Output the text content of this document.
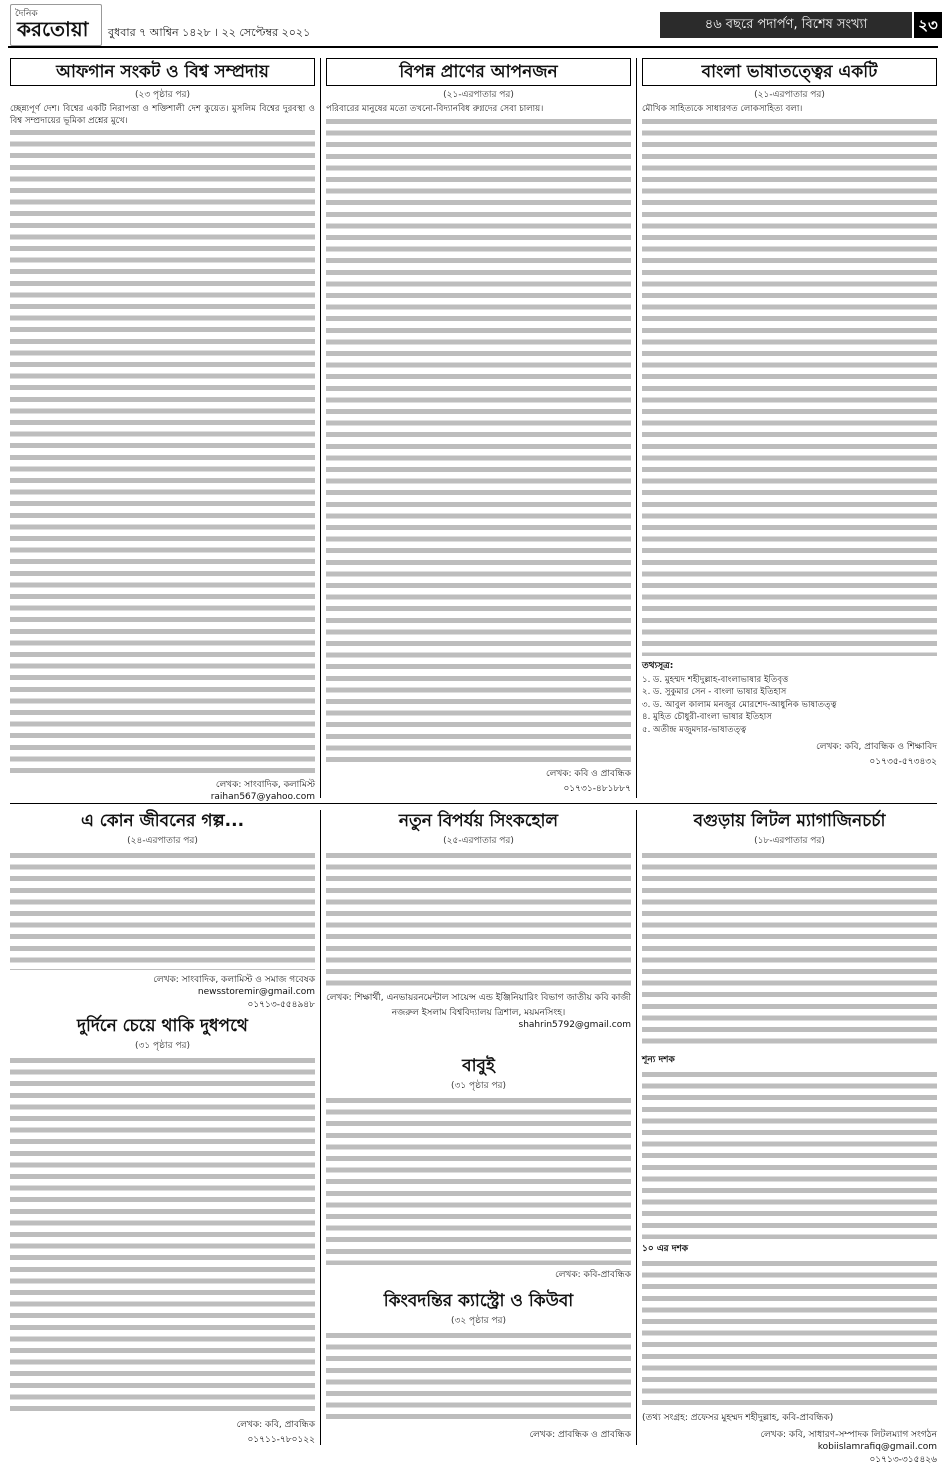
দৈনিক
করতোয়া বুধবার ৭ আশ্বিন ১৪২৮ । ২২ সেপ্টেম্বর ২০২১
৪৬ বছরে পদার্পণ, বিশেষ সংখ্যা	২৩
আফগান সংকট ও বিশ্ব সম্প্রদায়
(২৩ পৃষ্ঠার পর)
চ্ছেন্ন্যপূর্ণ দেশ। বিশ্বের একটি নিরাপত্তা ও শক্তিশালী দেশ কুয়েত। মুসলিম বিশ্বের দুরবস্থা ও বিশ্ব সম্প্রদায়ের ভূমিকা প্রশ্নের মুখে।
লেখক: সাংবাদিক, কলামিস্ট
raihan567@yahoo.com
বিপন্ন প্রাণের আপনজন
(২১-এরপাতার পর)
পরিবারের মানুষের মতো তখনো-বিদ্যানবিধ রুগ্নদের সেবা চালায়।
লেখক: কবি ও প্রাবন্ধিক
০১৭৩১-৪৮১৮৮৭
বাংলা ভাষাতত্ত্বের একটি
(২১-এরপাতার পর)
মৌখিক সাহিত্যকে সাধারণত লোকসাহিত্য বলা।
তথ্যসূত্র:
১. ড. মুহম্মদ শহীদুল্লাহ-বাংলাভাষার ইতিবৃত্ত
২. ড. সুকুমার সেন - বাংলা ভাষার ইতিহাস
৩. ড. আবুল কালাম মনজুর মোরশেদ-আধুনিক ভাষাতত্ত্ব
৪. মুহিত চৌধুরী-বাংলা ভাষার ইতিহাস
৫. অতীন্দ্র মজুমদার-ভাষাতত্ত্ব
লেখক: কবি, প্রাবন্ধিক ও শিক্ষাবিদ
০১৭৩৫-৫৭৩৪৩২
এ কোন জীবনের গল্প...
(২৪-এরপাতার পর)
লেখক: সাংবাদিক, কলামিস্ট ও সমাজ গবেষক
newsstoremir@gmail.com
০১৭১৩-৫৫৪৯৪৮
দুর্দিনে চেয়ে থাকি দুধপথে
(৩১ পৃষ্ঠার পর)
লেখক: কবি, প্রাবন্ধিক
০১৭১১-৭৮০১২২
নতুন বিপর্যয় সিংকহোল
(২৫-এরপাতার পর)
লেখক: শিক্ষার্থী, এনভায়রনমেন্টাল সায়েন্স এন্ড ইঞ্জিনিয়ারিং বিভাগ জাতীয় কবি কাজী নজরুল ইসলাম বিশ্ববিদ্যালয় ত্রিশাল, ময়মনসিংহ।
shahrin5792@gmail.com
বাবুই
(৩১ পৃষ্ঠার পর)
লেখক: কবি-প্রাবন্ধিক
কিংবদন্তির ক্যাস্ট্রো ও কিউবা
(৩২ পৃষ্ঠার পর)
লেখক: প্রাবন্ধিক ও প্রাবন্ধিক
বগুড়ায় লিটল ম্যাগাজিনচর্চা
(১৮-এরপাতার পর)
শূন্য দশক
১০ এর দশক
(তথ্য সংগ্রহ: প্রফেসর মুহম্মদ শহীদুল্লাহ, কবি-প্রাবন্ধিক)
লেখক: কবি, সাধারণ-সম্পাদক লিটলম্যাগ সংগঠন
kobiislamrafiq@gmail.com
০১৭১৩-৩১৫৪২৬
